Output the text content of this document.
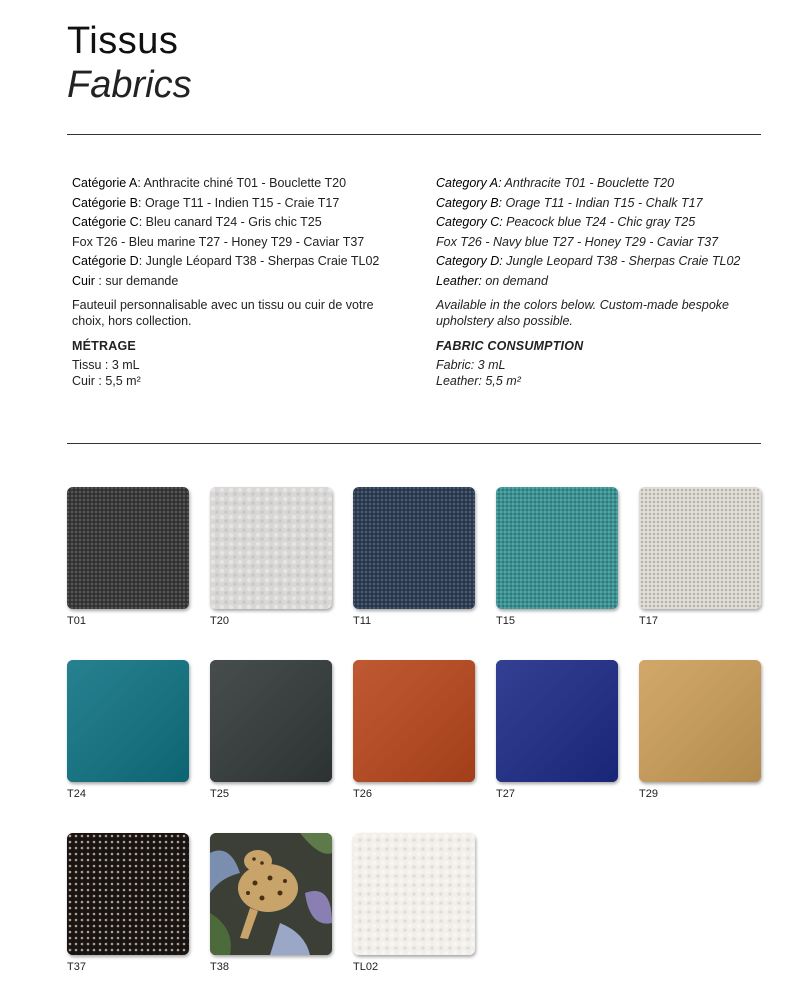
Tissus
Fabrics
Catégorie A: Anthracite chiné T01 - Bouclette T20
Catégorie B: Orage T11 - Indien T15 - Craie T17
Catégorie C: Bleu canard T24 - Gris chic T25
Fox T26 - Bleu marine T27 - Honey T29 - Caviar T37
Catégorie D: Jungle Léopard T38 - Sherpas Craie TL02
Cuir : sur demande
Fauteuil personnalisable avec un tissu ou cuir de votre choix, hors collection.
MÉTRAGE
Tissu : 3 mL
Cuir : 5,5 m²
Category A: Anthracite T01 - Bouclette T20
Category B: Orage T11 - Indian T15 - Chalk T17
Category C: Peacock blue T24 - Chic gray T25
Fox T26 - Navy blue T27 - Honey T29 - Caviar T37
Category D: Jungle Leopard T38 - Sherpas Craie TL02
Leather: on demand
Available in the colors below. Custom-made bespoke upholstery also possible.
FABRIC CONSUMPTION
Fabric: 3 mL
Leather: 5,5 m²
T01	T20	T11	T15	T17
T24	T25	T26	T27	T29
T37	T38	TL02
